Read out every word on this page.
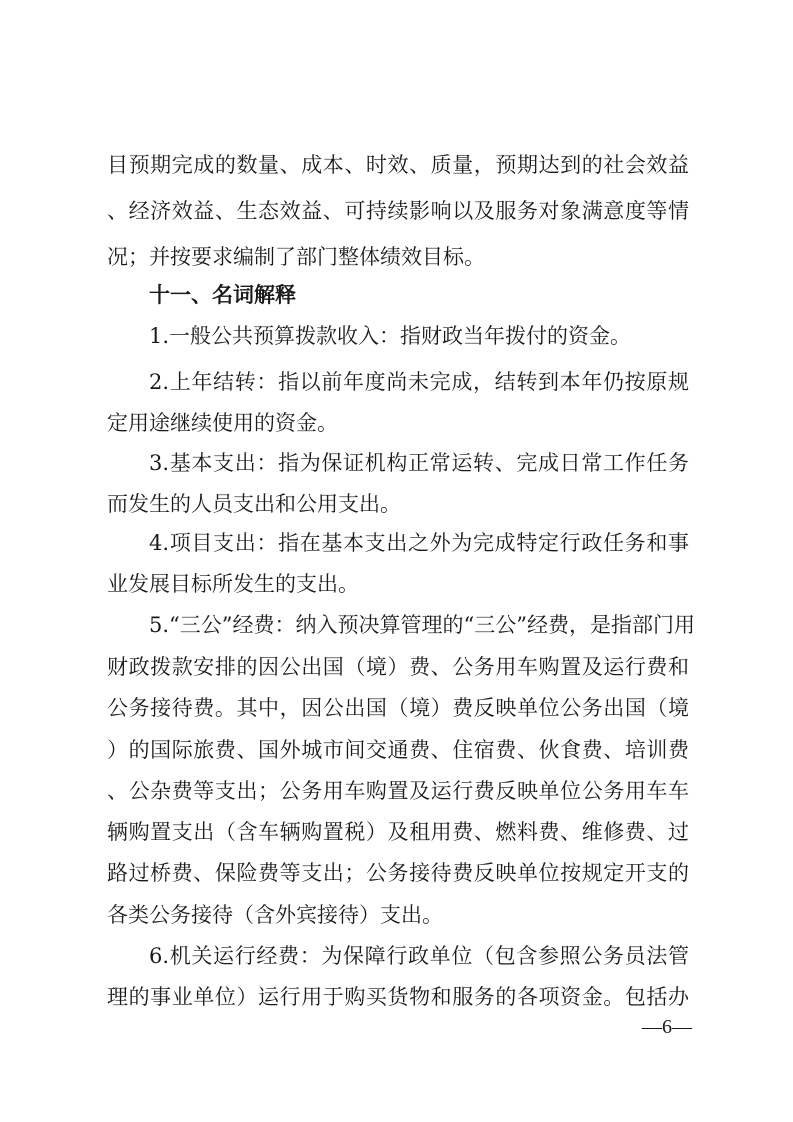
目预期完成的数量、成本、时效、质量，预期达到的社会效益
、经济效益、生态效益、可持续影响以及服务对象满意度等情
况；并按要求编制了部门整体绩效目标。
十一、名词解释
1.一般公共预算拨款收入：指财政当年拨付的资金。
2.上年结转：指以前年度尚未完成，结转到本年仍按原规
定用途继续使用的资金。
3.基本支出：指为保证机构正常运转、完成日常工作任务
而发生的人员支出和公用支出。
4.项目支出：指在基本支出之外为完成特定行政任务和事
业发展目标所发生的支出。
5.“三公”经费：纳入预决算管理的“三公”经费，是指部门用
财政拨款安排的因公出国（境）费、公务用车购置及运行费和
公务接待费。其中，因公出国（境）费反映单位公务出国（境
）的国际旅费、国外城市间交通费、住宿费、伙食费、培训费
、公杂费等支出；公务用车购置及运行费反映单位公务用车车
辆购置支出（含车辆购置税）及租用费、燃料费、维修费、过
路过桥费、保险费等支出；公务接待费反映单位按规定开支的
各类公务接待（含外宾接待）支出。
6.机关运行经费：为保障行政单位（包含参照公务员法管
理的事业单位）运行用于购买货物和服务的各项资金。包括办
—6—
